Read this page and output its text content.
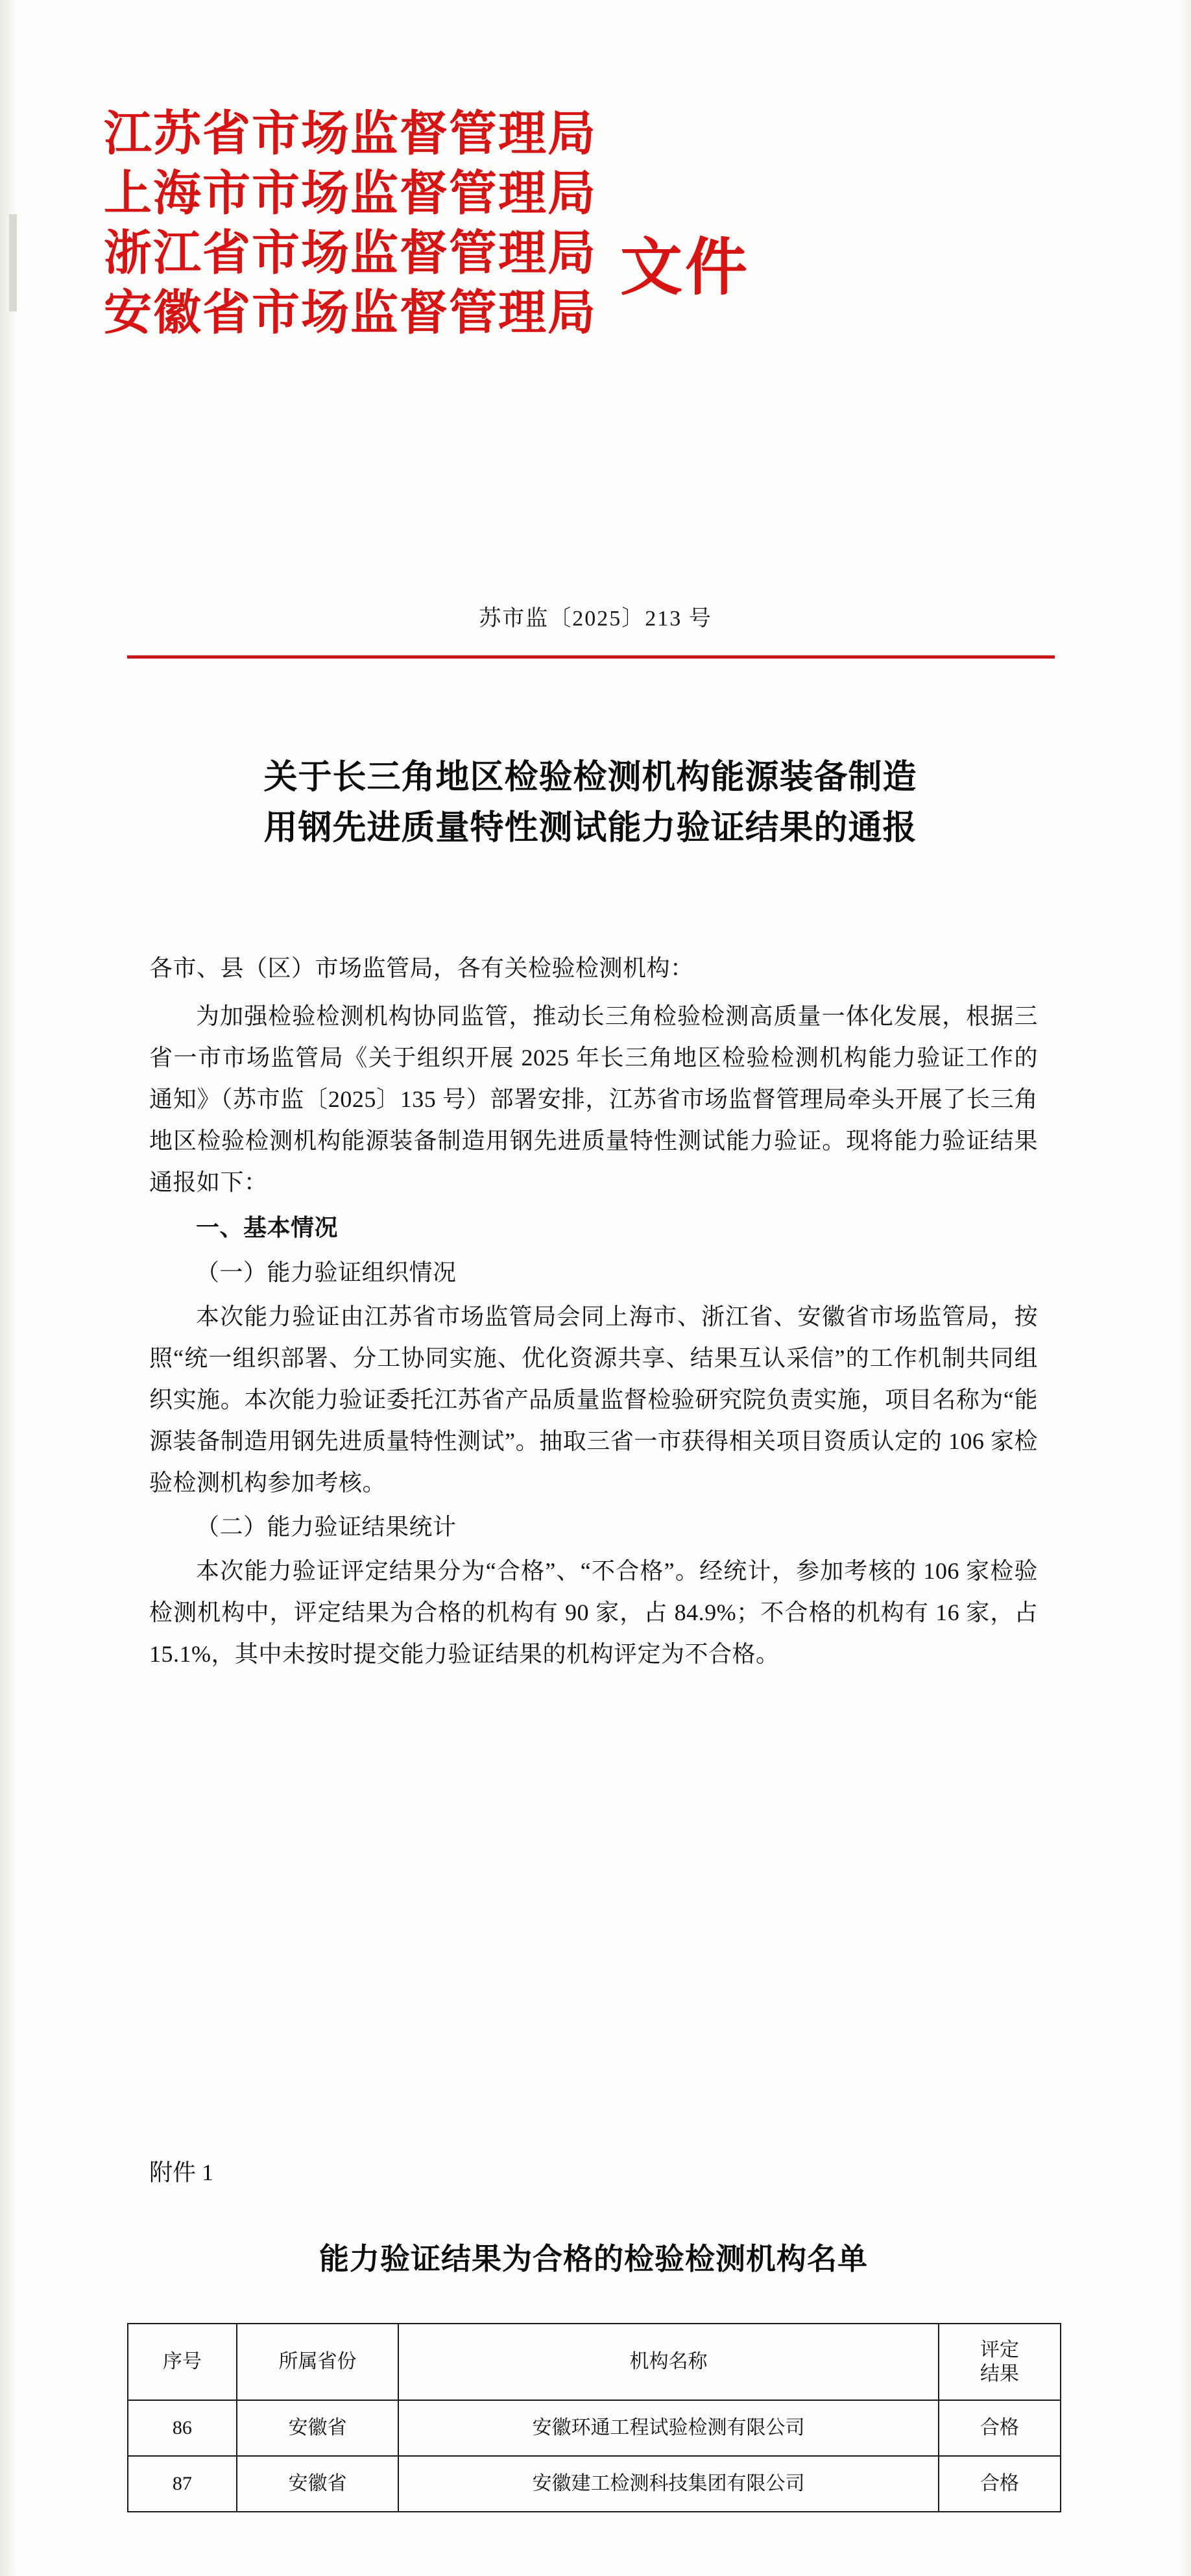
江苏省市场监督管理局
上海市市场监督管理局
浙江省市场监督管理局
安徽省市场监督管理局
文件
苏市监〔2025〕213 号
关于长三角地区检验检测机构能源装备制造
用钢先进质量特性测试能力验证结果的通报

各市、县（区）市场监管局，各有关检验检测机构：

为加强检验检测机构协同监管，推动长三角检验检测高质量一体化发展，根据三省一市市场监管局《关于组织开展 2025 年长三角地区检验检测机构能力验证工作的通知》（苏市监〔2025〕135 号）部署安排，江苏省市场监督管理局牵头开展了长三角地区检验检测机构能源装备制造用钢先进质量特性测试能力验证。现将能力验证结果通报如下：

一、基本情况

（一）能力验证组织情况

本次能力验证由江苏省市场监管局会同上海市、浙江省、安徽省市场监管局，按照“统一组织部署、分工协同实施、优化资源共享、结果互认采信”的工作机制共同组织实施。本次能力验证委托江苏省产品质量监督检验研究院负责实施，项目名称为“能源装备制造用钢先进质量特性测试”。抽取三省一市获得相关项目资质认定的 106 家检验检测机构参加考核。

（二）能力验证结果统计

本次能力验证评定结果分为“合格”、“不合格”。经统计，参加考核的 106 家检验检测机构中，评定结果为合格的机构有 90 家，占 84.9%；不合格的机构有 16 家，占 15.1%，其中未按时提交能力验证结果的机构评定为不合格。

附件 1
能力验证结果为合格的检验检测机构名单
序号	所属省份	机构名称	评定
结果

86	安徽省	安徽环通工程试验检测有限公司	合格
87	安徽省	安徽建工检测科技集团有限公司	合格
